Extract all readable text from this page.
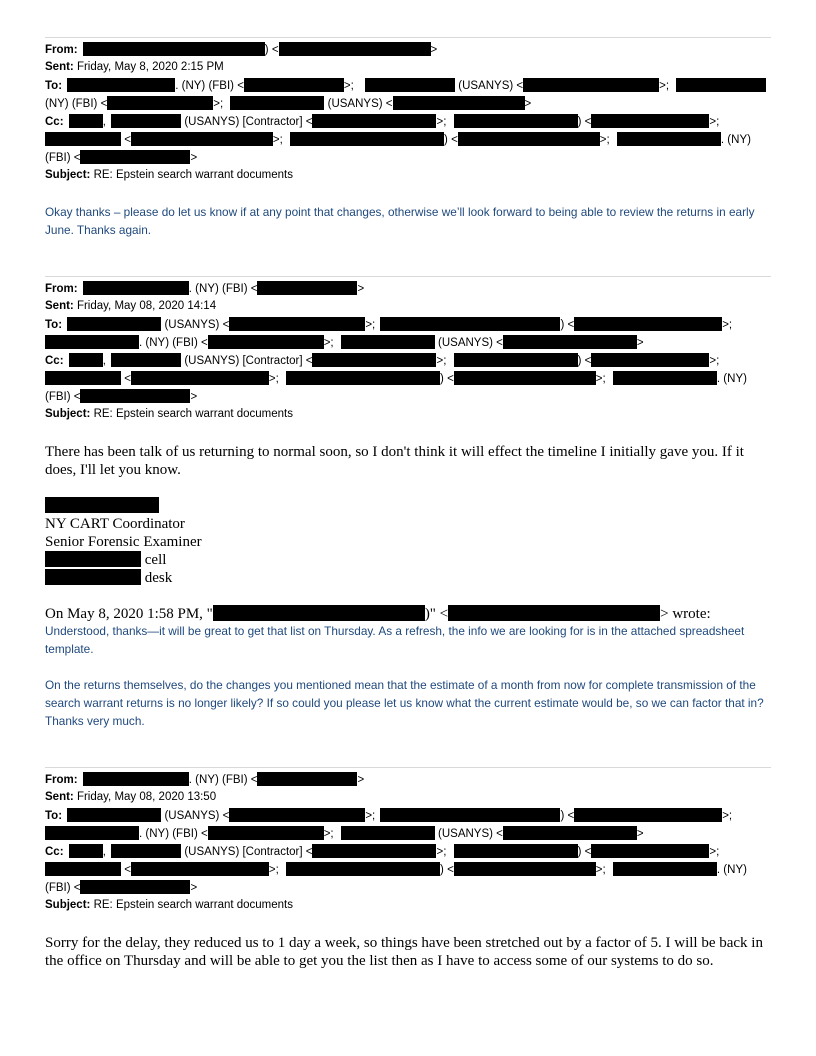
From:	) <	>
Sent: Friday, May 8, 2020 2:15 PM
To:	. (NY) (FBI) <	>;	(USANYS) <	>;
(NY) (FBI) <	>;	(USANYS) <	>
Cc:	,	(USANYS) [Contractor] <	>;	) <	>;
<	>;	) <	>;	. (NY)
(FBI) <	>
Subject: RE: Epstein search warrant documents
Okay thanks – please do let us know if at any point that changes, otherwise we’ll look forward to being able to review the returns in early June. Thanks again.
From:	. (NY) (FBI) <	>
Sent: Friday, May 08, 2020 14:14
To:	(USANYS) <	>;	) <	>;
. (NY) (FBI) <	>;	(USANYS) <	>
Cc:	,	(USANYS) [Contractor] <	>;	) <	>;
<	>;	) <	>;	. (NY)
(FBI) <	>
Subject: RE: Epstein search warrant documents
There has been talk of us returning to normal soon, so I don't think it will effect the timeline I initially gave you. If it does, I'll let you know.
NY CART Coordinator
Senior Forensic Examiner
cell
desk
On May 8, 2020 1:58 PM, "	)" <	> wrote:
Understood, thanks—it will be great to get that list on Thursday. As a refresh, the info we are looking for is in the attached spreadsheet template.
On the returns themselves, do the changes you mentioned mean that the estimate of a month from now for complete transmission of the search warrant returns is no longer likely? If so could you please let us know what the current estimate would be, so we can factor that in? Thanks very much.
From:	. (NY) (FBI) <	>
Sent: Friday, May 08, 2020 13:50
To:	(USANYS) <	>;	) <	>;
. (NY) (FBI) <	>;	(USANYS) <	>
Cc:	,	(USANYS) [Contractor] <	>;	) <	>;
<	>;	) <	>;	. (NY)
(FBI) <	>
Subject: RE: Epstein search warrant documents
Sorry for the delay, they reduced us to 1 day a week, so things have been stretched out by a factor of 5. I will be back in the office on Thursday and will be able to get you the list then as I have to access some of our systems to do so.
